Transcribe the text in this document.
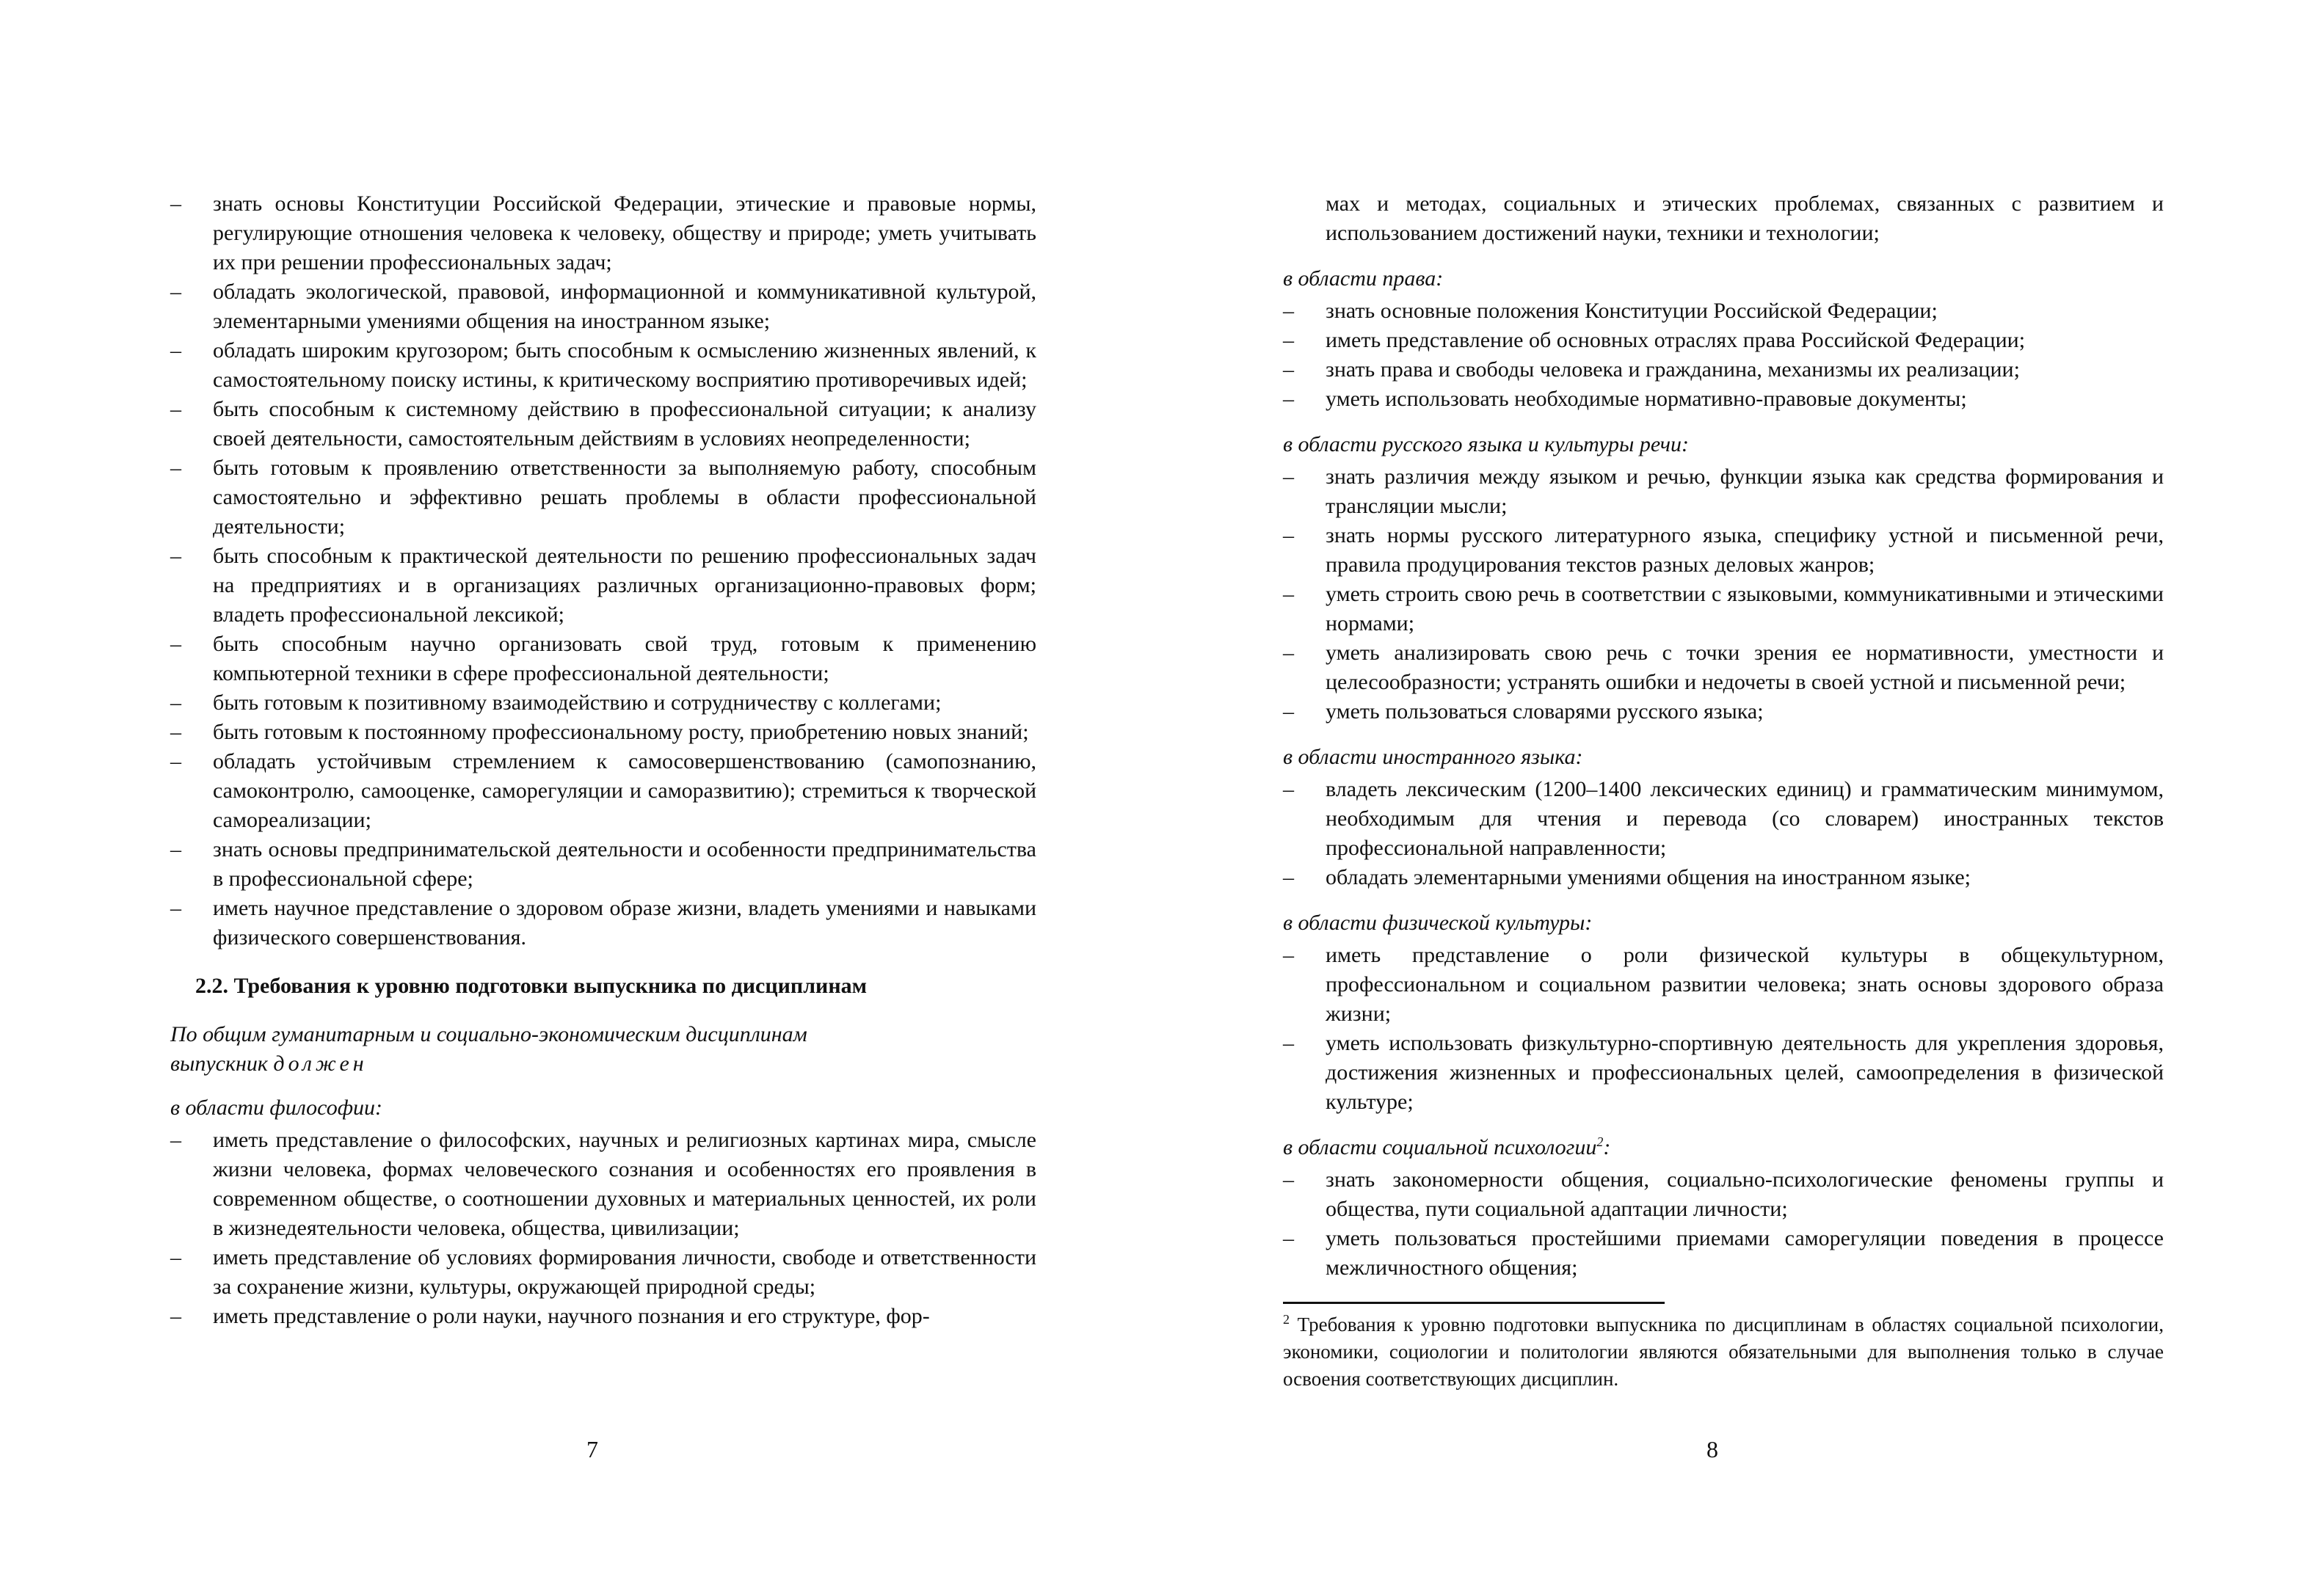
– знать основы Конституции Российской Федерации, этические и правовые нормы, регулирующие отношения человека к человеку, обществу и природе; уметь учитывать их при решении профессиональных задач;
– обладать экологической, правовой, информационной и коммуникативной культурой, элементарными умениями общения на иностранном языке;
– обладать широким кругозором; быть способным к осмыслению жизненных явлений, к самостоятельному поиску истины, к критическому восприятию противоречивых идей;
– быть способным к системному действию в профессиональной ситуации; к анализу своей деятельности, самостоятельным действиям в условиях неопределенности;
– быть готовым к проявлению ответственности за выполняемую работу, способным самостоятельно и эффективно решать проблемы в области профессиональной деятельности;
– быть способным к практической деятельности по решению профессиональных задач на предприятиях и в организациях различных организационно-правовых форм; владеть профессиональной лексикой;
– быть способным научно организовать свой труд, готовым к применению компьютерной техники в сфере профессиональной деятельности;
– быть готовым к позитивному взаимодействию и сотрудничеству с коллегами;
– быть готовым к постоянному профессиональному росту, приобретению новых знаний;
– обладать устойчивым стремлением к самосовершенствованию (самопознанию, самоконтролю, самооценке, саморегуляции и саморазвитию); стремиться к творческой самореализации;
– знать основы предпринимательской деятельности и особенности предпринимательства в профессиональной сфере;
– иметь научное представление о здоровом образе жизни, владеть умениями и навыками физического совершенствования.
2.2. Требования к уровню подготовки выпускника по дисциплинам
По общим гуманитарным и социально-экономическим дисциплинам
выпускник должен
в области философии:
– иметь представление о философских, научных и религиозных картинах мира, смысле жизни человека, формах человеческого сознания и особенностях его проявления в современном обществе, о соотношении духовных и материальных ценностей, их роли в жизнедеятельности человека, общества, цивилизации;
– иметь представление об условиях формирования личности, свободе и ответственности за сохранение жизни, культуры, окружающей природной среды;
– иметь представление о роли науки, научного познания и его структуре, фор-
7

мах и методах, социальных и этических проблемах, связанных с развитием и использованием достижений науки, техники и технологии;

в области права:
– знать основные положения Конституции Российской Федерации;
– иметь представление об основных отраслях права Российской Федерации;
– знать права и свободы человека и гражданина, механизмы их реализации;
– уметь использовать необходимые нормативно-правовые документы;
в области русского языка и культуры речи:
– знать различия между языком и речью, функции языка как средства формирования и трансляции мысли;
– знать нормы русского литературного языка, специфику устной и письменной речи, правила продуцирования текстов разных деловых жанров;
– уметь строить свою речь в соответствии с языковыми, коммуникативными и этическими нормами;
– уметь анализировать свою речь с точки зрения ее нормативности, уместности и целесообразности; устранять ошибки и недочеты в своей устной и письменной речи;
– уметь пользоваться словарями русского языка;
в области иностранного языка:
– владеть лексическим (1200–1400 лексических единиц) и грамматическим минимумом, необходимым для чтения и перевода (со словарем) иностранных текстов профессиональной направленности;
– обладать элементарными умениями общения на иностранном языке;
в области физической культуры:
– иметь представление о роли физической культуры в общекультурном, профессиональном и социальном развитии человека; знать основы здорового образа жизни;
– уметь использовать физкультурно-спортивную деятельность для укрепления здоровья, достижения жизненных и профессиональных целей, самоопределения в физической культуре;
в области социальной психологии$^2$:
– знать закономерности общения, социально-психологические феномены группы и общества, пути социальной адаптации личности;
– уметь пользоваться простейшими приемами саморегуляции поведения в процессе межличностного общения;

$^2$ Требования к уровню подготовки выпускника по дисциплинам в областях социальной психологии, экономики, социологии и политологии являются обязательными для выполнения только в случае освоения соответствующих дисциплин.

8
